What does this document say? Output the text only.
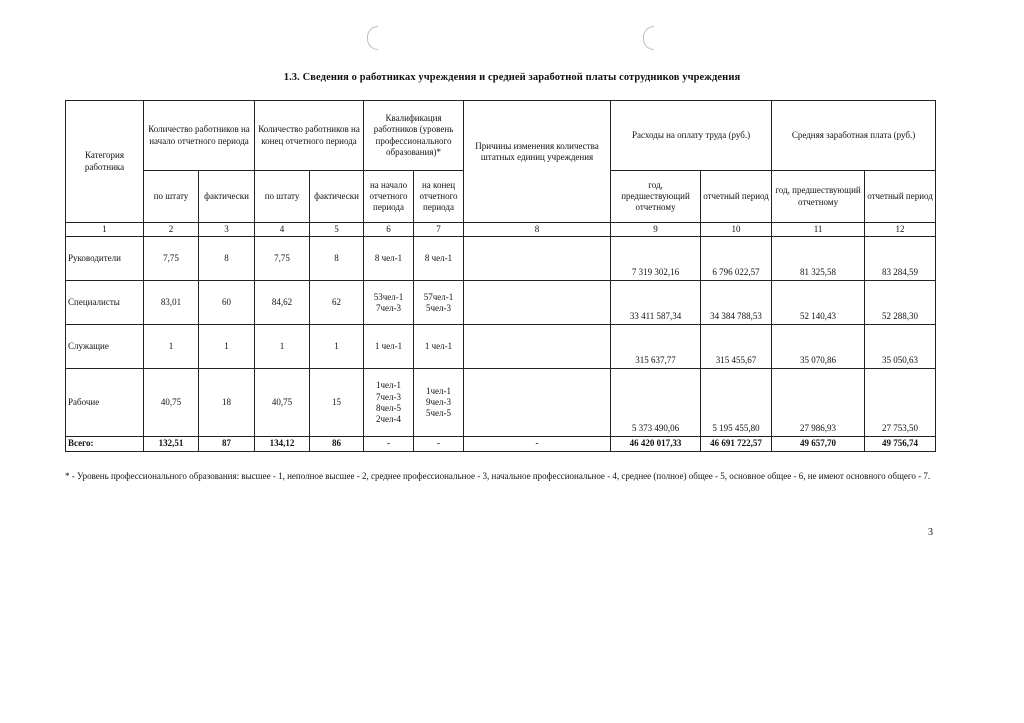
1.3. Сведения о работниках учреждения и средней заработной платы сотрудников учреждения
Категория работника	Количество работников на начало отчетного периода		Количество работников на конец отчетного периода		Квалификация работников (уровень профессионального образования)*		Причины изменения количества штатных единиц учреждения	Расходы на оплату труда (руб.)		Средняя заработная плата (руб.)	
	по штату	фактически	по штату	фактически	на начало отчетного периода	на конец отчетного периода		год, предшествующий отчетному	отчетный период	год, предшествующий отчетному	отчетный период
1	2	3	4	5	6	7	8	9	10	11	12
Руководители	7,75	8	7,75	8	8 чел-1	8 чел-1		7 319 302,16	6 796 022,57	81 325,58	83 284,59
Специалисты	83,01	60	84,62	62	53чел-1 7чел-3	57чел-1 5чел-3		33 411 587,34	34 384 788,53	52 140,43	52 288,30
Служащие	1	1	1	1	1 чел-1	1 чел-1		315 637,77	315 455,67	35 070,86	35 050,63
Рабочие	40,75	18	40,75	15	1чел-1 7чел-3 8чел-5 2чел-4	1чел-1 9чел-3 5чел-5		5 373 490,06	5 195 455,80	27 986,93	27 753,50
Всего:	132,51	87	134,12	86	-	-	-	46 420 017,33	46 691 722,57	49 657,70	49 756,74
* - Уровень профессионального образования: высшее - 1, неполное высшее - 2, среднее профессиональное - 3, начальное профессиональное - 4, среднее (полное) общее - 5, основное общее - 6, не имеют основного общего - 7.
3
